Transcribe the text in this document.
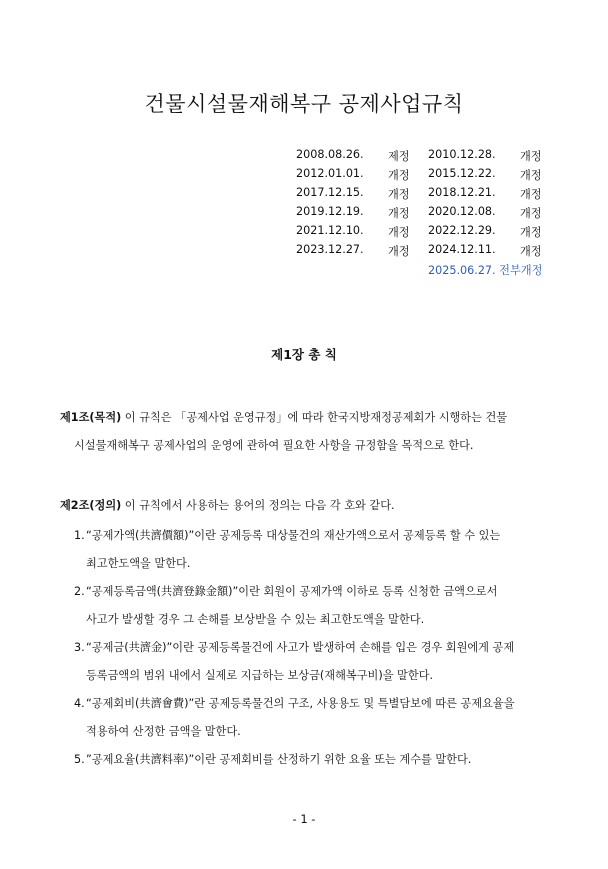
건물시설물재해복구 공제사업규칙
2008.08.26. 제정 2010.12.28. 개정
2012.01.01. 개정 2015.12.22. 개정
2017.12.15. 개정 2018.12.21. 개정
2019.12.19. 개정 2020.12.08. 개정
2021.12.10. 개정 2022.12.29. 개정
2023.12.27. 개정 2024.12.11. 개정
2025.06.27. 전부개정
제1장 총 칙
제1조(목적) 이 규칙은 「공제사업 운영규정」에 따라 한국지방재정공제회가 시행하는 건물
시설물재해복구 공제사업의 운영에 관하여 필요한 사항을 규정함을 목적으로 한다.
제2조(정의) 이 규칙에서 사용하는 용어의 정의는 다음 각 호와 같다.
1. “공제가액(共濟價額)”이란 공제등록 대상물건의 재산가액으로서 공제등록 할 수 있는
최고한도액을 말한다.
2. “공제등록금액(共濟登錄金額)”이란 회원이 공제가액 이하로 등록 신청한 금액으로서
사고가 발생할 경우 그 손해를 보상받을 수 있는 최고한도액을 말한다.
3. “공제금(共濟金)”이란 공제등록물건에 사고가 발생하여 손해를 입은 경우 회원에게 공제
등록금액의 범위 내에서 실제로 지급하는 보상금(재해복구비)을 말한다.
4. “공제회비(共濟會費)”란 공제등록물건의 구조, 사용용도 및 특별담보에 따른 공제요율을
적용하여 산정한 금액을 말한다.
5. ”공제요율(共濟料率)”이란 공제회비를 산정하기 위한 요율 또는 계수를 말한다.
- 1 -
